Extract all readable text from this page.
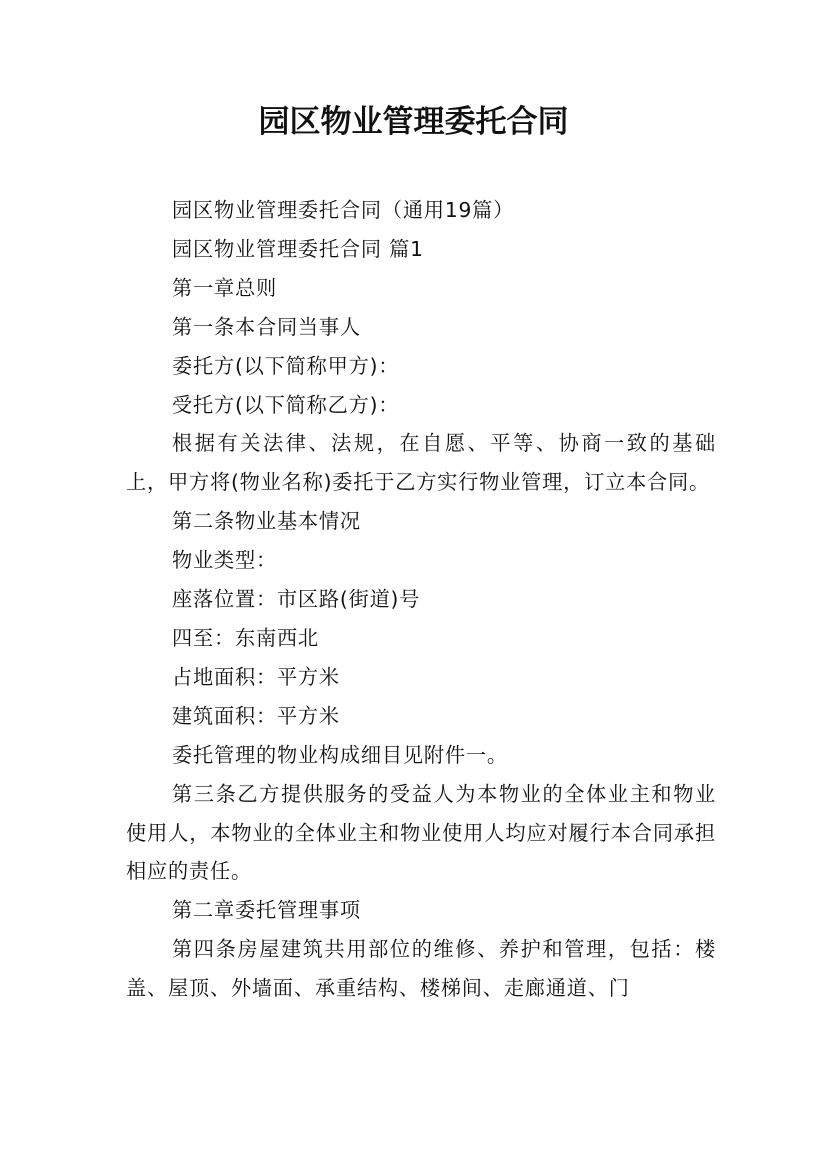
园区物业管理委托合同

园区物业管理委托合同（通用19篇）

园区物业管理委托合同 篇1

第一章总则

第一条本合同当事人

委托方(以下简称甲方)：

受托方(以下简称乙方)：

根据有关法律、法规，在自愿、平等、协商一致的基础上，甲方将(物业名称)委托于乙方实行物业管理，订立本合同。

第二条物业基本情况

物业类型：

座落位置：市区路(街道)号

四至：东南西北

占地面积：平方米

建筑面积：平方米

委托管理的物业构成细目见附件一。

第三条乙方提供服务的受益人为本物业的全体业主和物业使用人，本物业的全体业主和物业使用人均应对履行本合同承担相应的责任。

第二章委托管理事项

第四条房屋建筑共用部位的维修、养护和管理，包括：楼盖、屋顶、外墙面、承重结构、楼梯间、走廊通道、门
